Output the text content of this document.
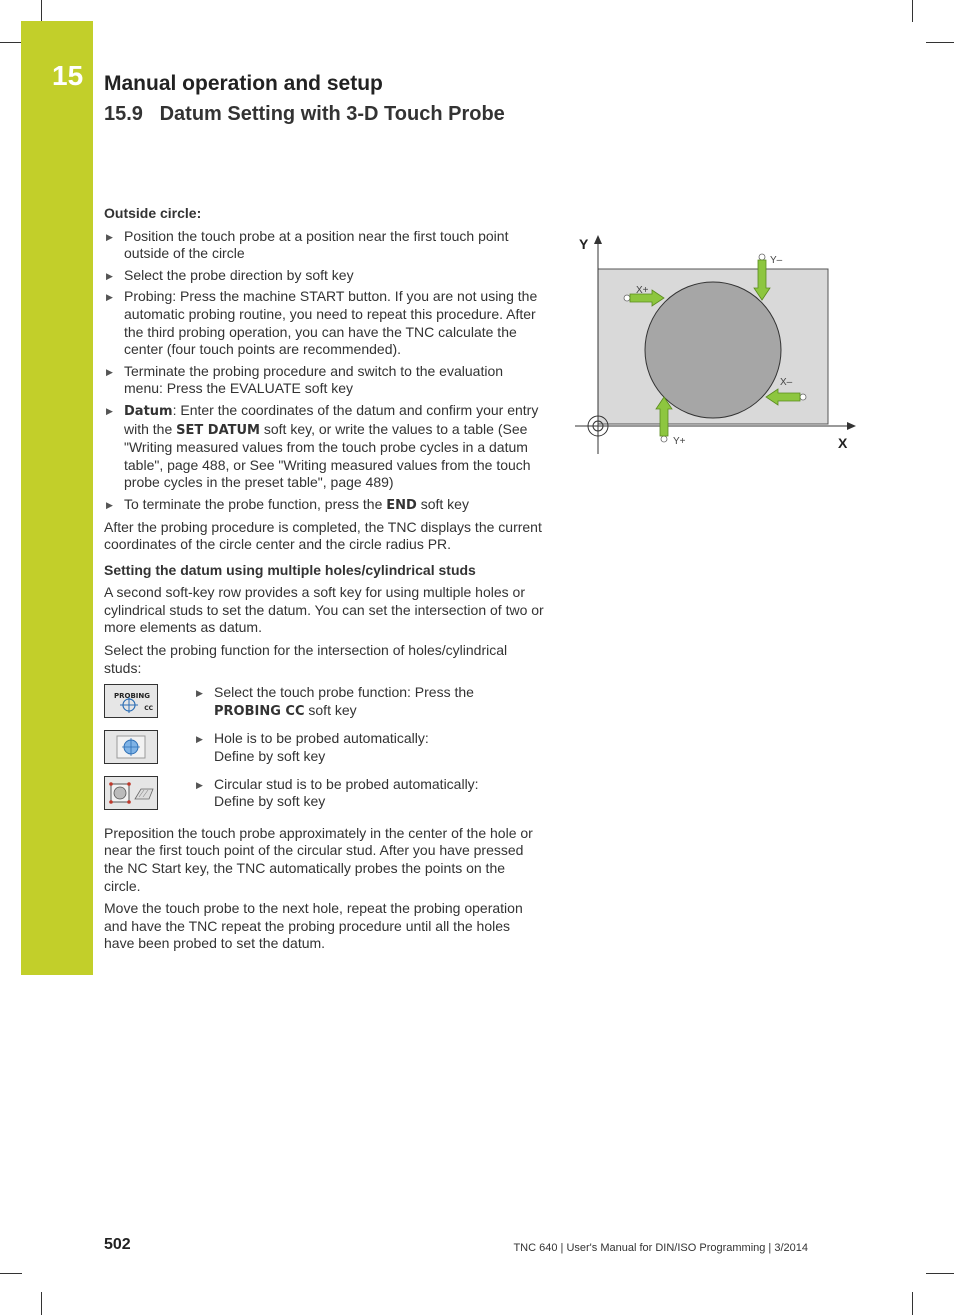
15 Manual operation and setup
15.9   Datum Setting with 3-D Touch Probe
Outside circle:
▶ Position the touch probe at a position near the first touch point outside of the circle
▶ Select the probe direction by soft key
▶ Probing: Press the machine START button. If you are not using the automatic probing routine, you need to repeat this procedure. After the third probing operation, you can have the TNC calculate the center (four touch points are recommended).
▶ Terminate the probing procedure and switch to the evaluation menu: Press the EVALUATE soft key
▶ Datum: Enter the coordinates of the datum and confirm your entry with the SET DATUM soft key, or write the values to a table (See "Writing measured values from the touch probe cycles in a datum table", page 488, or See "Writing measured values from the touch probe cycles in the preset table", page 489)
▶ To terminate the probe function, press the END soft key

After the probing procedure is completed, the TNC displays the current coordinates of the circle center and the circle radius PR.

Setting the datum using multiple holes/cylindrical studs

A second soft-key row provides a soft key for using multiple holes or cylindrical studs to set the datum. You can set the intersection of two or more elements as datum.

Select the probing function for the intersection of holes/cylindrical studs:

PROBING
CC
▶ Select the touch probe function: Press the PROBING CC soft key
▶ Hole is to be probed automatically:
Define by soft key
▶ Circular stud is to be probed automatically:
Define by soft key

Preposition the touch probe approximately in the center of the hole or near the first touch point of the circular stud. After you have pressed the NC Start key, the TNC automatically probes the points on the circle.

Move the touch probe to the next hole, repeat the probing operation and have the TNC repeat the probing procedure until all the holes have been probed to set the datum.

Y
X
Y–
X+
X–
Y+
502	TNC 640 | User's Manual for DIN/ISO Programming | 3/2014
